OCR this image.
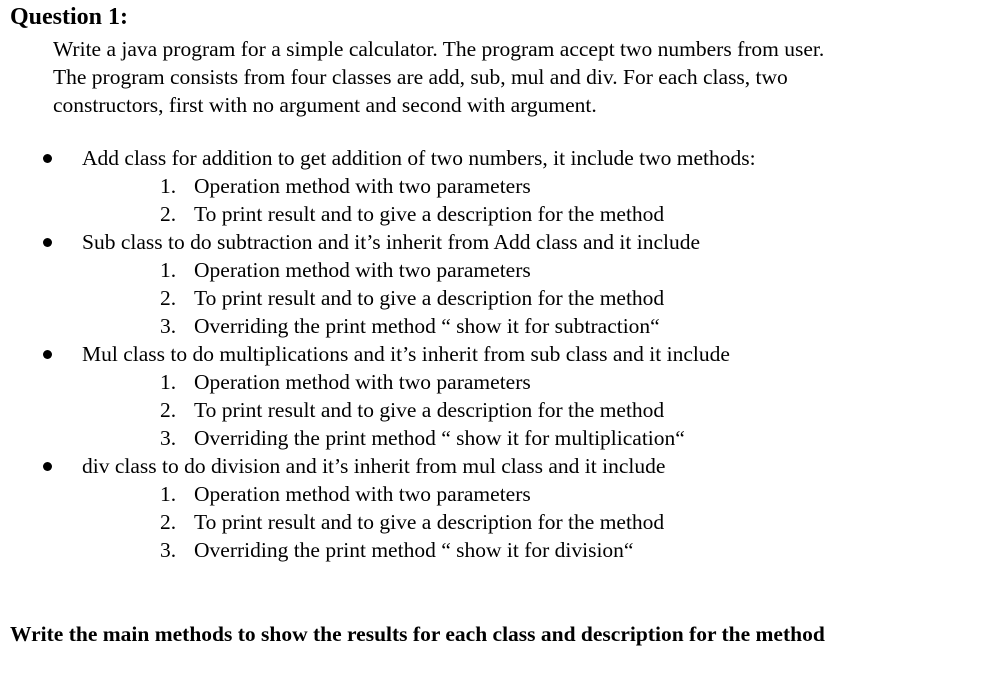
Question 1:
Write a java program for a simple calculator. The program accept two numbers from user.
The program consists from four classes are add, sub, mul and div. For each class, two
constructors, first with no argument and second with argument.
Add class for addition to get addition of two numbers, it include two methods:
1. Operation method with two parameters
2. To print result and to give a description for the method
Sub class to do subtraction and it’s inherit from Add class and it include
1. Operation method with two parameters
2. To print result and to give a description for the method
3. Overriding the print method “ show it for subtraction“
Mul class to do multiplications and it’s inherit from sub class and it include
1. Operation method with two parameters
2. To print result and to give a description for the method
3. Overriding the print method “ show it for multiplication“
div class to do division and it’s inherit from mul class and it include
1. Operation method with two parameters
2. To print result and to give a description for the method
3. Overriding the print method “ show it for division“
Write the main methods to show the results for each class and description for the method
